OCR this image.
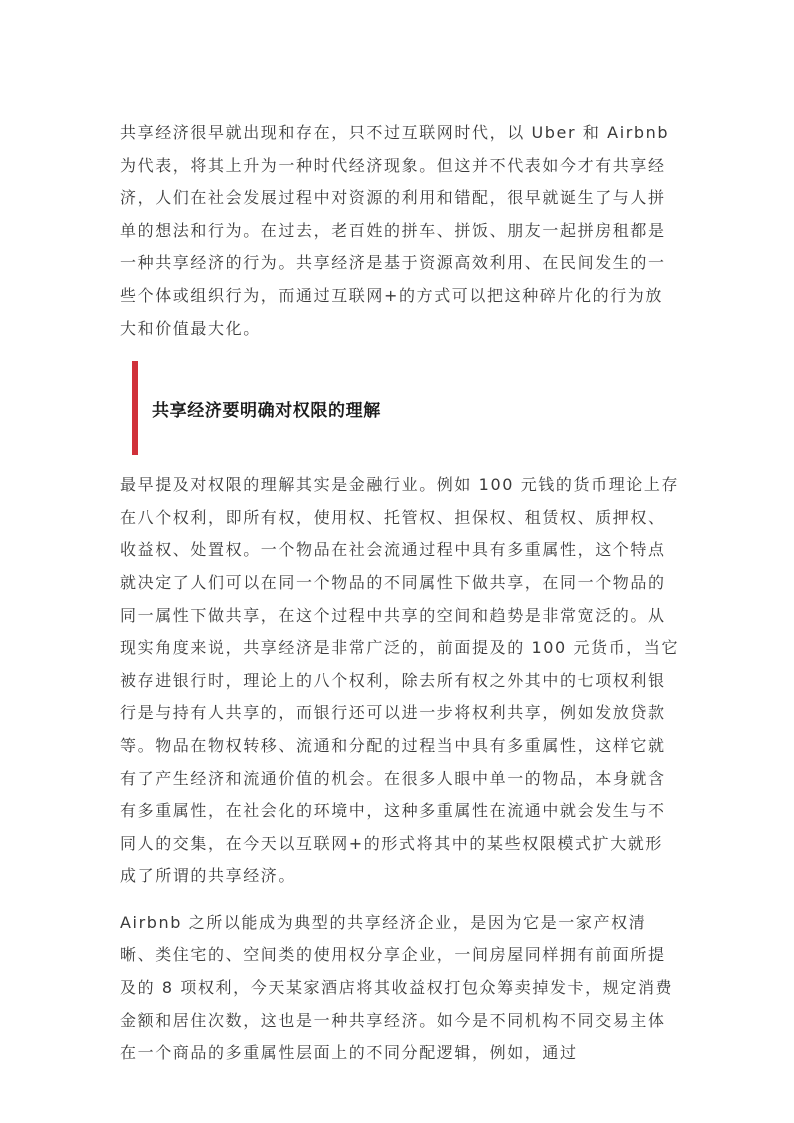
共享经济很早就出现和存在，只不过互联网时代，以 Uber 和 Airbnb 为代表，将其上升为一种时代经济现象。但这并不代表如今才有共享经济，人们在社会发展过程中对资源的利用和错配，很早就诞生了与人拼单的想法和行为。在过去，老百姓的拼车、拼饭、朋友一起拼房租都是一种共享经济的行为。共享经济是基于资源高效利用、在民间发生的一些个体或组织行为，而通过互联网+的方式可以把这种碎片化的行为放大和价值最大化。

共享经济要明确对权限的理解

最早提及对权限的理解其实是金融行业。例如 100 元钱的货币理论上存在八个权利，即所有权，使用权、托管权、担保权、租赁权、质押权、收益权、处置权。一个物品在社会流通过程中具有多重属性，这个特点就决定了人们可以在同一个物品的不同属性下做共享，在同一个物品的同一属性下做共享，在这个过程中共享的空间和趋势是非常宽泛的。从现实角度来说，共享经济是非常广泛的，前面提及的 100 元货币，当它被存进银行时，理论上的八个权利，除去所有权之外其中的七项权利银行是与持有人共享的，而银行还可以进一步将权利共享，例如发放贷款等。物品在物权转移、流通和分配的过程当中具有多重属性，这样它就有了产生经济和流通价值的机会。在很多人眼中单一的物品，本身就含有多重属性，在社会化的环境中，这种多重属性在流通中就会发生与不同人的交集，在今天以互联网+的形式将其中的某些权限模式扩大就形成了所谓的共享经济。

Airbnb 之所以能成为典型的共享经济企业，是因为它是一家产权清晰、类住宅的、空间类的使用权分享企业，一间房屋同样拥有前面所提及的 8 项权利，今天某家酒店将其收益权打包众筹卖掉发卡，规定消费金额和居住次数，这也是一种共享经济。如今是不同机构不同交易主体在一个商品的多重属性层面上的不同分配逻辑，例如，通过
